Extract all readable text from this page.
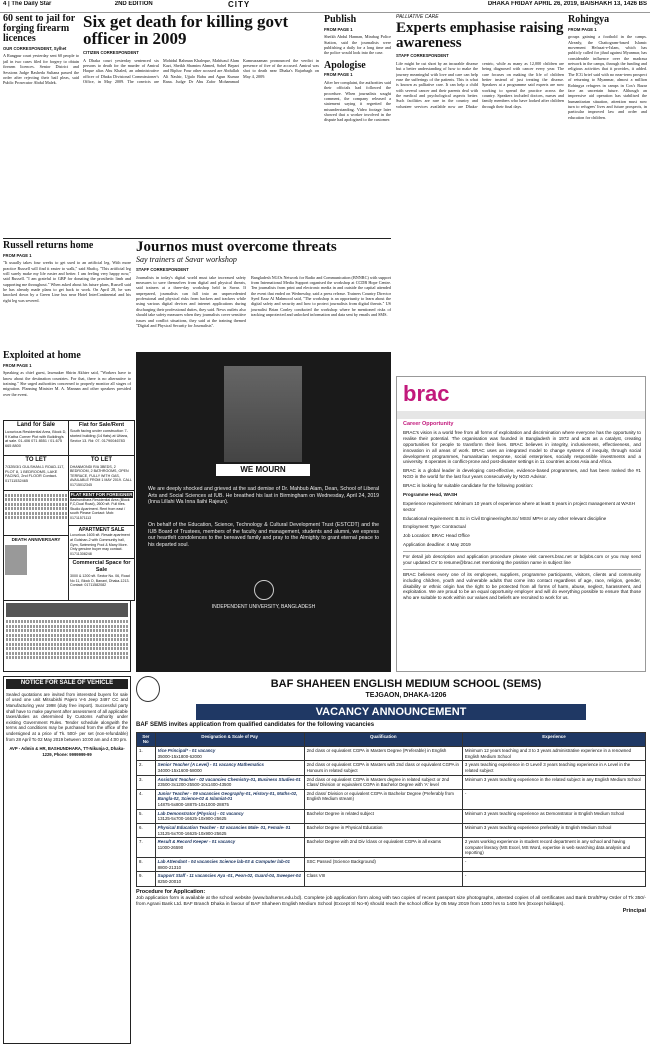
4 | The Daily Star	2ND EDITION	CITY	DHAKA FRIDAY APRIL 26, 2019, BAISHAKH 13, 1426 BS
60 sent to jail for forging firearm licences
OUR CORRESPONDENT, Sylhet
A Rangpur court yesterday sent 60 people to jail in two cases filed for forgery to obtain firearm licences. Senior District and Sessions Judge Rasheda Sultana passed the order after rejecting their bail pleas, said Public Prosecutor Abdul Malek.
Six get death for killing govt officer in 2009
CITIZEN CORRESPONDENT
A Dhaka court yesterday sentenced six persons to death for the murder of Amirul Haque alias Abu Khaled, an administrative officer of Dhaka Divisional Commissioner's Office, in May 2009. The convicts are Mohidul Rahman Khaleque, Mahfuzul Alam Kazi, Sheikh Shamim Ahmed, Sohel Bepari and Bipluv. Four other accused are Abdullah Ali Nashir, Ujjalo Babu and Agun Kumar Rana. Judge Dr Abu Zafor Mohammad Kamruzzaman pronounced the verdict in presence of five of the accused. Amirul was shot to death near Dhaka's Rajarbagh on May 4, 2009.
Publish
FROM PAGE 1
Sheikh Abdul Hannan, Mirabag Police Station, said the journalists were publishing a daily for a long time and the police would look into the case.
Apologise
FROM PAGE 1
After her complaint, the authorities said their officials had followed the procedure. When journalists sought comment, the company released a statement saying it regretted the misunderstanding. Video footage later showed that a worker involved in the dispute had apologised to the customer.
PALLIATIVE CARE
Experts emphasise raising awareness
STAFF CORRESPONDENT
Life might be cut short by an incurable disease but a better understanding of how to make the journey meaningful with love and care can help ease the sufferings of the patients. This is what is known as palliative care. It can help a child with several cancer and their parents deal with the medical and psychological aspects better. Such facilities are rare in the country and volunteer services available now are Dhaka-centric, while as many as 12,000 children are being diagnosed with cancer every year. The care focuses on making the life of children better instead of just treating the disease. Speakers at a programme said experts are now working to spread the practice across the country. Speakers included doctors, nurses and family members who have looked after children through their final days.
Rohingya
FROM PAGE 1
groups gaining a foothold in the camps. Already, the Chattogram-based Islamic movement Hefazat-e-Islam, which has publicly called for jihad against Myanmar, has considerable influence over the madrasa network in the camps, through the funding and religious activities that it provides, it added. The ICG brief said with no near-term prospect of returning to Myanmar, almost a million Rohingya refugees in camps in Cox's Bazar face an uncertain future. Although an impressive aid operation has stabilised the humanitarian situation, attention must now turn to refugees' lives and future prospects, in particular improved law and order and education for children.
Russell returns home
FROM PAGE 1
"It usually takes four weeks to get used to an artificial leg. With more practice Russell will find it easier to walk," said Shafiq. "This artificial leg will surely make my life easier and better. I am feeling very happy now," said Russell. "I am grateful to GBP for donating the prosthetic limb and supporting me throughout." When asked about his future plans, Russell said he has already made plans to get back to work. On April 28, he was knocked down by a Green Line bus near Hotel InterContinental and his right leg was severed.
Journos must overcome threats
Say trainers at Savar workshop
STAFF CORRESPONDENT
Journalists in today's digital world must take increased safety measures to save themselves from digital and physical threats, said trainers at a three-day workshop held in Savar. If unprepared, journalists can fall into an unprecedented professional and physical risks from hackers and trackers while using various digital devices and internet applications during discharging their professional duties, they said. News outlets also should take safety measures when they journalists cover sensitive issues and conflict situations, they said at the training themed "Digital and Physical Security for Journalists".
Bangladesh NGOs Network for Radio and Communication (BNNRC) with support from International Media Support organised the workshop at CCDB Hope Centre. Ten journalists from print and electronic media in and outside the capital attended the event that ended on Wednesday, said a press release. Trainers Country Director Syed Ezaz Al Mahmood said, "The workshop is an opportunity to learn about the digital safety and security and how to protect journalists from digital threats." US journalist Brian Conley conducted the workshop where he mentioned risks of tracking unprotected and unlocked information and data sent by emails and SMS.
Exploited at home
FROM PAGE 1
Speaking as chief guest, lawmaker Shirin Akhter said, "Workers have to know about the destination countries. For that, there is no alternative to training." She urged authorities concerned to properly monitor all stages of migration. Planning Minister M. A. Mannan and other speakers presided over the event.
Land for Sale
Luxurious Residential Area, Block D, 9 Katha Corner Plot with Building/s at sale. 01-406 071 8551 / 01-675 665 8800
TO LET
7/32B/3/1 GULSHAN-1 ROAD-117, PLOT 8, 1 BEDROOMS, LAKE FACING, 2nd FLOOR Contact- 01711532465
DEATH ANNIVERSARY
Flat for Sale/Rent
South facing under construction 7-storied building (14 flats) at Uttara, Sector 13. Rd: 07. 01790046783
TO LET
DHANMONDI R/A 3BEDS, 2 BEDROOM, 2 BATHROOMS, OPEN TERRACE, FULLY WITH GAS, AVAILABLE FROM 1 MAY 2019. CALL 01715012345
FLAT RENT FOR FOREIGNER
Bashundhara Residential Area (Block F,C,Dual Road), 2600 sft. Full tiles. Studio Apartment. Rent from east / south Please Contact: Mob: 01711571113
APARTMENT SALE
Luxurious 1605 sft. Resale apartment at Gulshan-2 with Community hall, Gym, Swimming Pool & Many More. Only genuine buyer may contact. 01711308248
Commercial Space for Sale
3000 & 1200 sft. Sector No. 06, Road No 11, Block D, Banani, Dhaka-1213. Contact: 01711582082
NOTICE FOR SALE OF VEHICLE
Sealed quotations are invited from interested buyers for sale of used one unit Mitsubishi Pajero V-6 Jeep 3497 CC and Manufacturing year 1998 (duty free import). Successful party shall have to make payment after assessment of all applicable taxes/duties as determined by Customs Authority under existing Government Rules. Tender schedule alongwith the terms and conditions may be purchased from the office of the undersigned at a price of Tk. 500/- per set (non-refundable) from 28 April To 02 May 2019 between 10:00 am and 4:00 pm.
AVP - Admin & HR, BASHUNDHARA, TT-Nikunja-2, Dhaka-1229, Phone: 9999999-99
WE MOURN
We are deeply shocked and grieved at the sad demise of Dr. Mahbub Alam, Dean, School of Liberal Arts and Social Sciences at IUB. He breathed his last in Birmingham on Wednesday, April 24, 2019 (Inna Lillahi Wa Inna Ilaihi Rajeun).
On behalf of the Education, Science, Technology & Cultural Development Trust (ESTCDT) and the IUB Board of Trustees, members of the faculty and management, students and alumni, we express our heartfelt condolences to the bereaved family and pray to the Almighty to grant eternal peace to his departed soul.
INDEPENDENT UNIVERSITY, BANGLADESH
brac
Career Opportunity
BRAC's vision is a world free from all forms of exploitation and discrimination where everyone has the opportunity to realise their potential. The organisation was founded in Bangladesh in 1972 and acts as a catalyst, creating opportunities for people to transform their lives. BRAC believes in integrity, inclusiveness, effectiveness, and innovation in all areas of work. BRAC uses an integrated model to change systems of inequity, through social development programmes, humanitarian response, social enterprises, socially responsible investments and a university. It operates in conflict-prone and post-disaster settings in 11 countries across Asia and Africa.
BRAC is a global leader in developing cost-effective, evidence-based programmes, and has been ranked the #1 NGO in the world for the last four years consecutively by NGO Advisor.
BRAC is looking for suitable candidate for the following position:
Programme Head, WASH
Experience requirement: Minimum 10 years of experience where at least 5 years in project management at WASH sector
Educational requirement: B.Sc in Civil Engineering/M.Sc/ MSS/ MPH or any other relevant discipline
Employment Type: Contractual
Job Location: BRAC Head Office
Application deadline: 4 May 2019
For detail job description and application procedure please visit careers.brac.net or bdjobs.com or you may send your updated CV to resume@brac.net mentioning the position name in subject line
BRAC believes every one of its employees, suppliers, programme participants, visitors, clients and community including children, youth and vulnerable adults that come into contact regardless of age, race, religion, gender, disability or ethnic origin has the right to be protected from all forms of harm, abuse, neglect, harassment, and exploitation. We are proud to be an equal opportunity employer and will do everything possible to ensure that those who are suitable to work within our values and beliefs are recruited to work for us.
BAF SHAHEEN ENGLISH MEDIUM SCHOOL (SEMS)
TEJGAON, DHAKA-1206
VACANCY ANNOUNCEMENT
BAF SEMS invites application from qualified candidates for the following vacancies
Ser No	Designation & Scale of Pay	Qualification	Experience
1.	Vice Principal* - 01 vacancy
35000-15x1800-62000	2nd class or equivalent CGPA in Masters Degree (Preferable) in English	Minimum 12 years teaching and 3 to 3 years administrative experience in a renowned English Medium School
2.	Senior Teacher (A Level) - 01 vacancy Mathematics
34000-15x1600-58000	2nd class or equivalent CGPA in Masters with 2nd class or equivalent CGPA in Honours in related subject	3 years teaching experience in O Level/ 3 years teaching experience in A Level in the related subject
3.	Assistant Teacher - 02 vacancies Chemistry-01, Business Studies-01
23500-3x1200-25500-10x1400-43500	2nd class or equivalent CGPA in Masters degree in related subject or 2nd Class/ Division or equivalent CGPA in Bachelor Degree with 'A' level	Minimum 3 years teaching experience in the related subject in any English Medium School
4.	Junior Teacher - 09 vacancies Geography-01, History-01, Maths-02, Bangla-02, Science-02 & Islamiat-01
14875-5x800-18875-10x1000-28875	2nd class/ Division or equivalent CGPA in Bachelor Degree (Preferably from English Medium stream)	-
5.	Lab Demonstrator (Physics) - 01 vacancy
13125-5x700-16625-10x900-25625	Bachelor Degree in related subject	Minimum 3 years teaching experience as Demonstrator in English Medium School
6.	Physical Education Teacher - 02 vacancies Male- 01, Female- 01
13125-5x700-16625-10x900-25625	Bachelor Degree in Physical Education	Minimum 3 years teaching experience preferably in English Medium School
7.	Result & Record Keeper - 01 vacancy
11000-26590	Bachelor Degree with 2nd Div /class or equivalent CGPA in all exams	2 years working experience in student record department in any school and having computer literacy (MS Excel, MS Word, expertise in web searching data analysis and reporting)
8.	Lab Attendant - 04 vacancies Science lab-03 & Computer lab-01
8800-21310	SSC Passed (Science Background)	-
9.	Support Staff - 11 vacancies Aya -01, Peon-02, Guard-04, Sweeper-04
8250-20010	Class VIII	-
Procedure for Application:
Job application form is available at the school website (www.bafsems.edu.bd). Complete job application form along with two copies of recent passport size photographs, attested copies of all certificates and Bank Draft/Pay Order of Tk 350/- from Agrani Bank Ltd. BAF Branch Dhaka in favour of BAF Shaheen English Medium School (Except Sl No-9) should reach the school office by 05 May 2019 from 1000 hrs to 1400 hrs (Except holidays).
Principal
